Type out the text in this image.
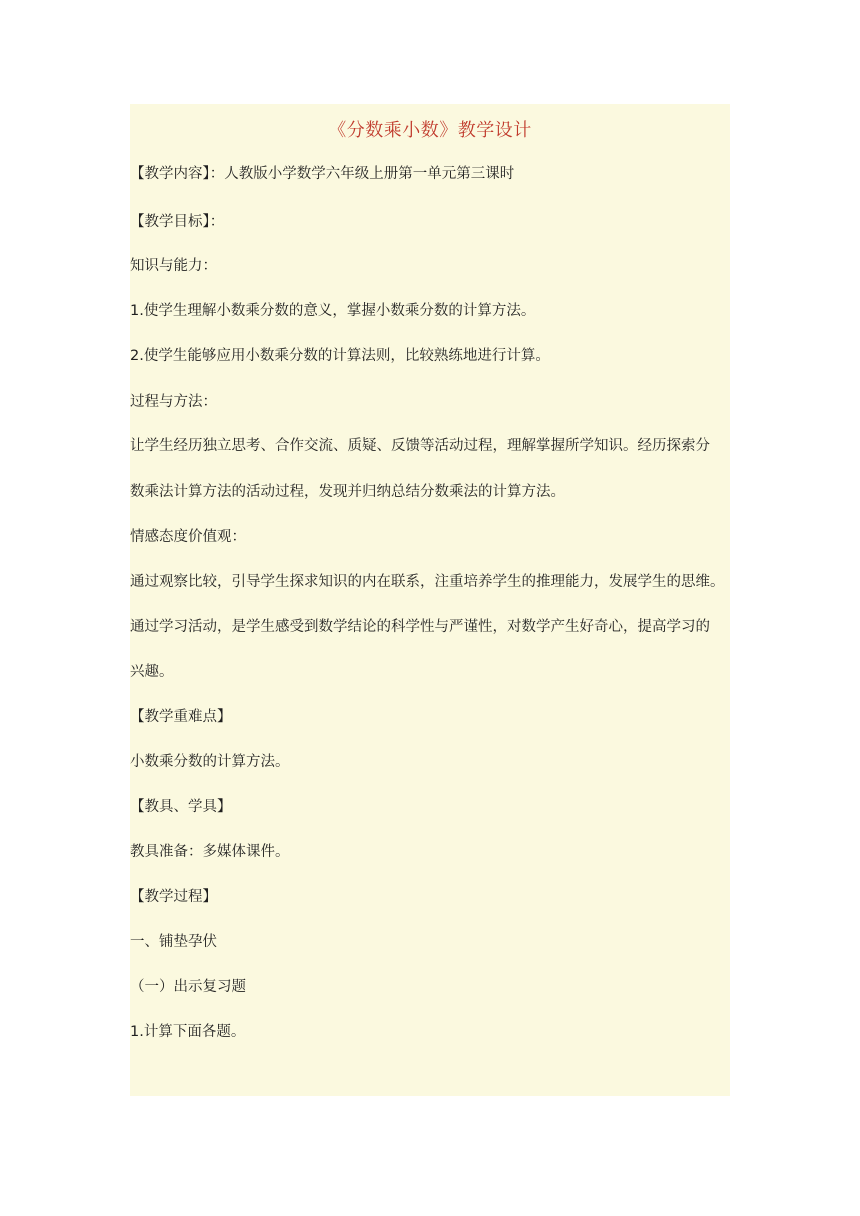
《分数乘小数》教学设计
【教学内容】：人教版小学数学六年级上册第一单元第三课时
【教学目标】：
知识与能力：
1.使学生理解小数乘分数的意义，掌握小数乘分数的计算方法。
2.使学生能够应用小数乘分数的计算法则，比较熟练地进行计算。
过程与方法：
让学生经历独立思考、合作交流、质疑、反馈等活动过程，理解掌握所学知识。经历探索分
数乘法计算方法的活动过程，发现并归纳总结分数乘法的计算方法。
情感态度价值观：
通过观察比较，引导学生探求知识的内在联系，注重培养学生的推理能力，发展学生的思维。
通过学习活动，是学生感受到数学结论的科学性与严谨性，对数学产生好奇心，提高学习的
兴趣。
【教学重难点】
小数乘分数的计算方法。
【教具、学具】
教具准备：多媒体课件。
【教学过程】
一、铺垫孕伏
（一）出示复习题
1.计算下面各题。
